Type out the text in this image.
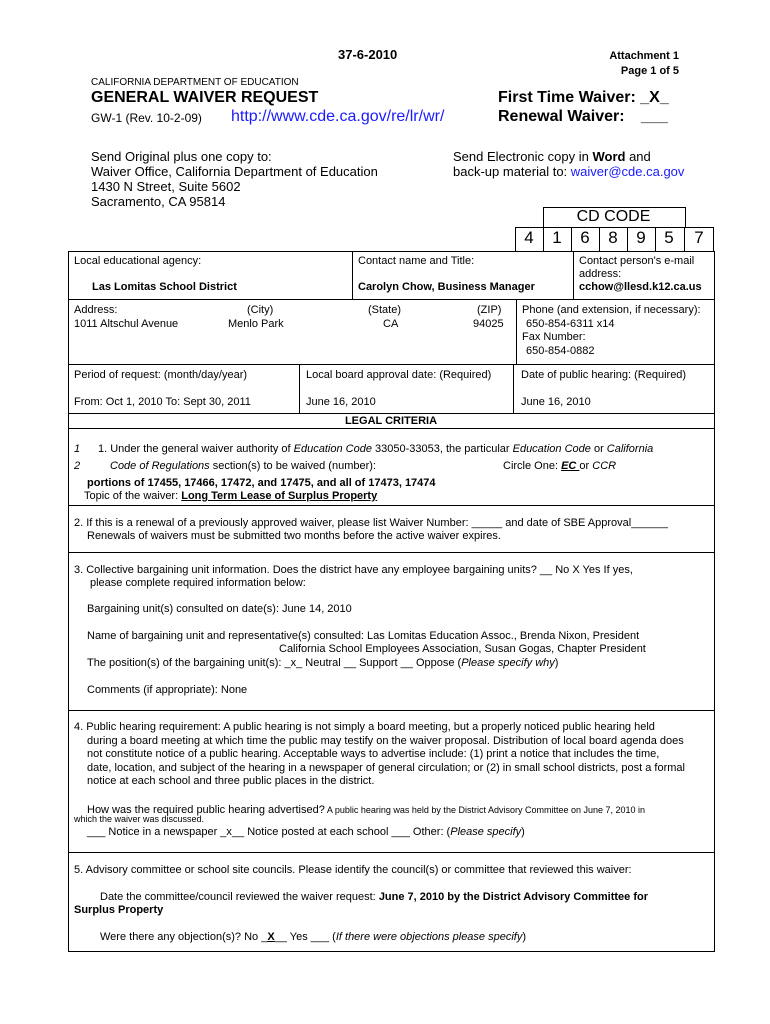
37-6-2010	Attachment 1
Page 1 of 5
CALIFORNIA DEPARTMENT OF EDUCATION
GENERAL WAIVER REQUEST
GW-1 (Rev. 10-2-09) http://www.cde.ca.gov/re/lr/wr/
First Time Waiver: _X_
Renewal Waiver: ___
Send Original plus one copy to:
Waiver Office, California Department of Education
1430 N Street, Suite 5602
Sacramento, CA 95814
Send Electronic copy in Word and
back-up material to: waiver@cde.ca.gov
CD CODE
4	1	6	8	9	5	7
Local educational agency:
Las Lomitas School District
Contact name and Title:
Carolyn Chow, Business Manager
Contact person's e-mail
address:
cchow@llesd.k12.ca.us
Address:
1011 Altschul Avenue
(City)
Menlo Park
(State)
CA
(ZIP)
94025
Phone (and extension, if necessary):
650-854-6311 x14
Fax Number:
650-854-0882
Period of request: (month/day/year)
From: Oct 1, 2010 To: Sept 30, 2011
Local board approval date: (Required)
June 16, 2010
Date of public hearing: (Required)
June 16, 2010
LEGAL CRITERIA
1
2
1. Under the general waiver authority of Education Code 33050-33053, the particular Education Code or California
Code of Regulations section(s) to be waived (number):	Circle One: EC or CCR
portions of 17455, 17466, 17472, and 17475, and all of 17473, 17474
Topic of the waiver: Long Term Lease of Surplus Property
2. If this is a renewal of a previously approved waiver, please list Waiver Number: _____ and date of SBE Approval______
Renewals of waivers must be submitted two months before the active waiver expires.
3. Collective bargaining unit information. Does the district have any employee bargaining units? __ No X Yes If yes,
please complete required information below:
Bargaining unit(s) consulted on date(s): June 14, 2010
Name of bargaining unit and representative(s) consulted: Las Lomitas Education Assoc., Brenda Nixon, President
California School Employees Association, Susan Gogas, Chapter President
The position(s) of the bargaining unit(s): _x_ Neutral __ Support __ Oppose (Please specify why)
Comments (if appropriate): None
4. Public hearing requirement: A public hearing is not simply a board meeting, but a properly noticed public hearing held
during a board meeting at which time the public may testify on the waiver proposal. Distribution of local board agenda does
not constitute notice of a public hearing. Acceptable ways to advertise include: (1) print a notice that includes the time,
date, location, and subject of the hearing in a newspaper of general circulation; or (2) in small school districts, post a formal
notice at each school and three public places in the district.
How was the required public hearing advertised? A public hearing was held by the District Advisory Committee on June 7, 2010 in
which the waiver was discussed.
___ Notice in a newspaper _x__ Notice posted at each school ___ Other: (Please specify)
5. Advisory committee or school site councils. Please identify the council(s) or committee that reviewed this waiver:
Date the committee/council reviewed the waiver request: June 7, 2010 by the District Advisory Committee for
Surplus Property
Were there any objection(s)? No _X__ Yes ___ (If there were objections please specify)
